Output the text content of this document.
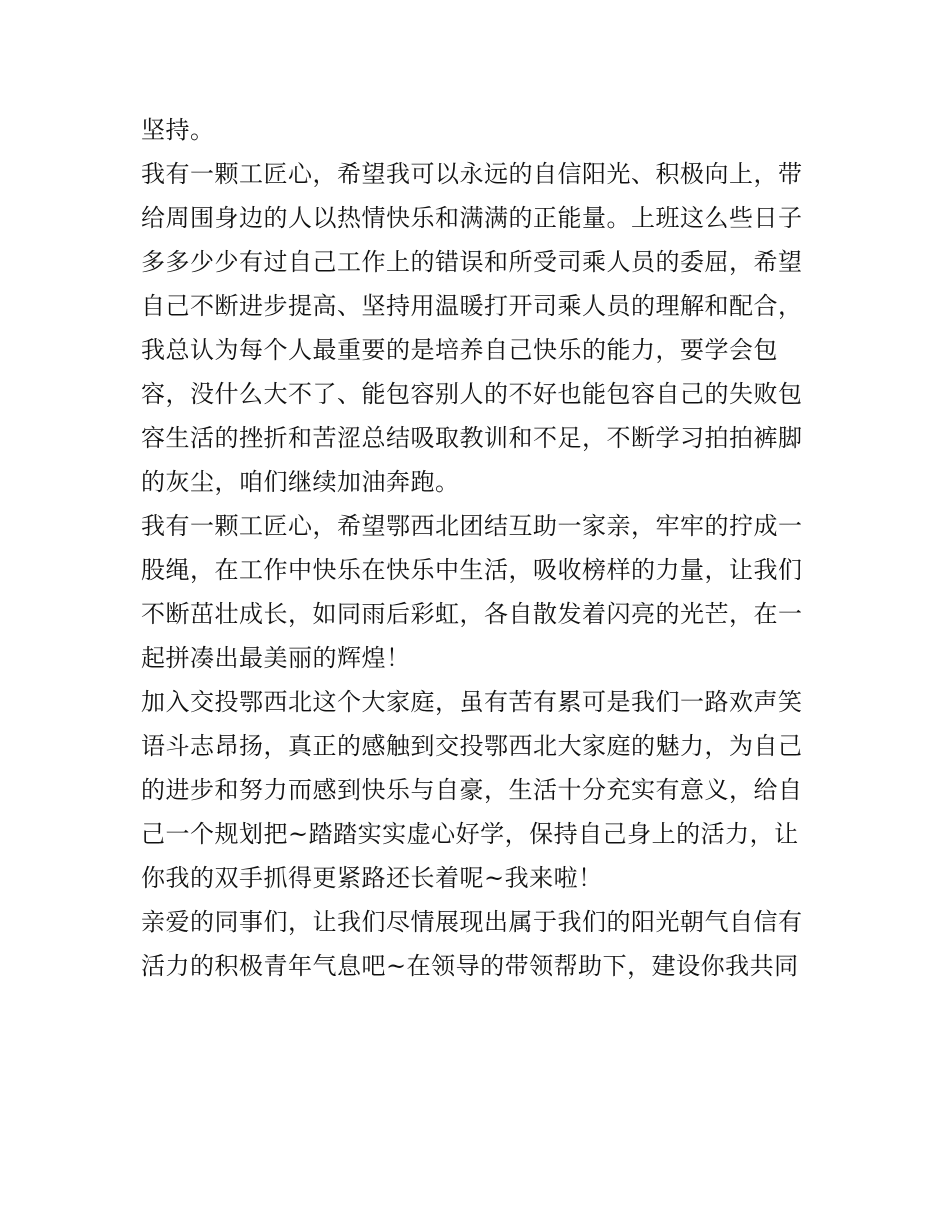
坚持。
我有一颗工匠心，希望我可以永远的自信阳光、积极向上，带
给周围身边的人以热情快乐和满满的正能量。上班这么些日子
多多少少有过自己工作上的错误和所受司乘人员的委屈，希望
自己不断进步提高、坚持用温暖打开司乘人员的理解和配合，
我总认为每个人最重要的是培养自己快乐的能力，要学会包
容，没什么大不了、能包容别人的不好也能包容自己的失败包
容生活的挫折和苦涩总结吸取教训和不足，不断学习拍拍裤脚
的灰尘，咱们继续加油奔跑。
我有一颗工匠心，希望鄂西北团结互助一家亲，牢牢的拧成一
股绳，在工作中快乐在快乐中生活，吸收榜样的力量，让我们
不断茁壮成长，如同雨后彩虹，各自散发着闪亮的光芒，在一
起拼凑出最美丽的辉煌！
加入交投鄂西北这个大家庭，虽有苦有累可是我们一路欢声笑
语斗志昂扬，真正的感触到交投鄂西北大家庭的魅力，为自己
的进步和努力而感到快乐与自豪，生活十分充实有意义，给自
己一个规划把~踏踏实实虚心好学，保持自己身上的活力，让
你我的双手抓得更紧路还长着呢~我来啦！
亲爱的同事们，让我们尽情展现出属于我们的阳光朝气自信有
活力的积极青年气息吧~在领导的带领帮助下，建设你我共同
